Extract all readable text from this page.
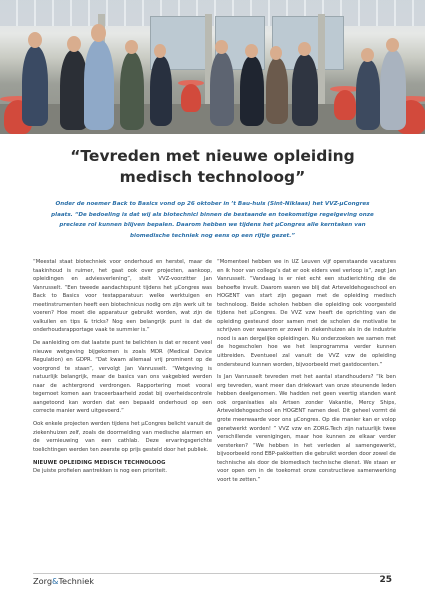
“Tevreden met nieuwe opleiding medisch technoloog”

Onder de noemer Back to Basics vond op 26 oktober in ’t Bau-huis (Sint-Niklaas) het VVZ-µCongres plaats. “De bedoeling is dat wij als biotechnici binnen de bestaande en toekomstige regelgeving onze precieze rol kunnen blijven bepalen. Daarom hebben we tijdens het µCongres alle kerntaken van biomedische techniek nog eens op een rijtje gezet.”

“Meestal staat biotechniek voor onderhoud en herstel, maar de taakinhoud is ruimer, het gaat ook over projecten, aankoop, opleidingen en adviesverlening”, stelt VVZ-voorzitter Jan Vanrusselt. “Een tweede aandachtspunt tijdens het µCongres was Back to Basics voor testapparatuur: welke werktuigen en meetinstrumenten heeft een biotechnicus nodig om zijn werk uit te voeren? Hoe moet die apparatuur gebruikt worden, wat zijn de valkuilen en tips & tricks? Nog een belangrijk punt is dat de onderhoudsrapportage vaak te summier is.”

De aanleiding om dat laatste punt te belichten is dat er recent veel nieuwe wetgeving bijgekomen is zoals MDR (Medical Device Regulation) en GDPR. “Dat kwam allemaal vrij prominent op de voorgrond te staan”, vervolgt Jan Vanrusselt. “Wetgeving is natuurlijk belangrijk, maar de basics van ons vakgebied werden naar de achtergrond verdrongen. Rapportering moet vooral tegemoet komen aan traceerbaarheid zodat bij overheidscontrole aangetoond kan worden dat een bepaald onderhoud op een correcte manier werd uitgevoerd.”

Ook enkele projecten werden tijdens het µCongres belicht vanuit de ziekenhuizen zelf, zoals de doormelding van medische alarmen en de vernieuwing van een cathlab. Deze ervaringsgerichte toelichtingen werden ten zeerste op prijs gesteld door het publiek.

NIEUWE OPLEIDING MEDISCH TECHNOLOOG

De juiste profielen aantrekken is nog een prioriteit.

“Momenteel hebben we in UZ Leuven vijf openstaande vacatures en ik hoor van collega’s dat er ook elders veel verloop is”, zegt Jan Vanrusselt. “Vandaag is er niet echt een studierichting die de behoefte invult. Daarom waren we blij dat Arteveldehogeschool en HOGENT van start zijn gegaan met de opleiding medisch technoloog. Beide scholen hebben die opleiding ook voorgesteld tijdens het µCongres. De VVZ vzw heeft de oprichting van de opleiding gesteund door samen met de scholen de motivatie te schrijven over waarom er zowel in ziekenhuizen als in de industrie nood is aan dergelijke opleidingen. Nu onderzoeken we samen met de hogescholen hoe we het lesprogramma verder kunnen uitbreiden. Eventueel zal vanuit de VVZ vzw de opleiding ondersteund kunnen worden, bijvoorbeeld met gastdocenten.”

Is Jan Vanrusselt tevreden met het aantal standhouders? “Ik ben erg tevreden, want meer dan driekwart van onze steunende leden hebben deelgenomen. We hadden net geen veertig standen want ook organisaties als Artsen zonder Vakantie, Mercy Ships, Arteveldehogeschool en HOGENT namen deel. Dit geheel vormt dé grote meerwaarde voor ons µCongres. Op die manier kan er volop genetwerkt worden! ” VVZ vzw en ZORG.Tech zijn natuurlijk twee verschillende verenigingen, maar hoe kunnen ze elkaar verder versterken? “We hebben in het verleden al samengewerkt, bijvoorbeeld rond EBP-pakketten die gebruikt worden door zowel de technische als door de biomedisch technische dienst. We staan er voor open om in de toekomst onze constructieve samenwerking voort te zetten.”

Zorg&Techniek	25
